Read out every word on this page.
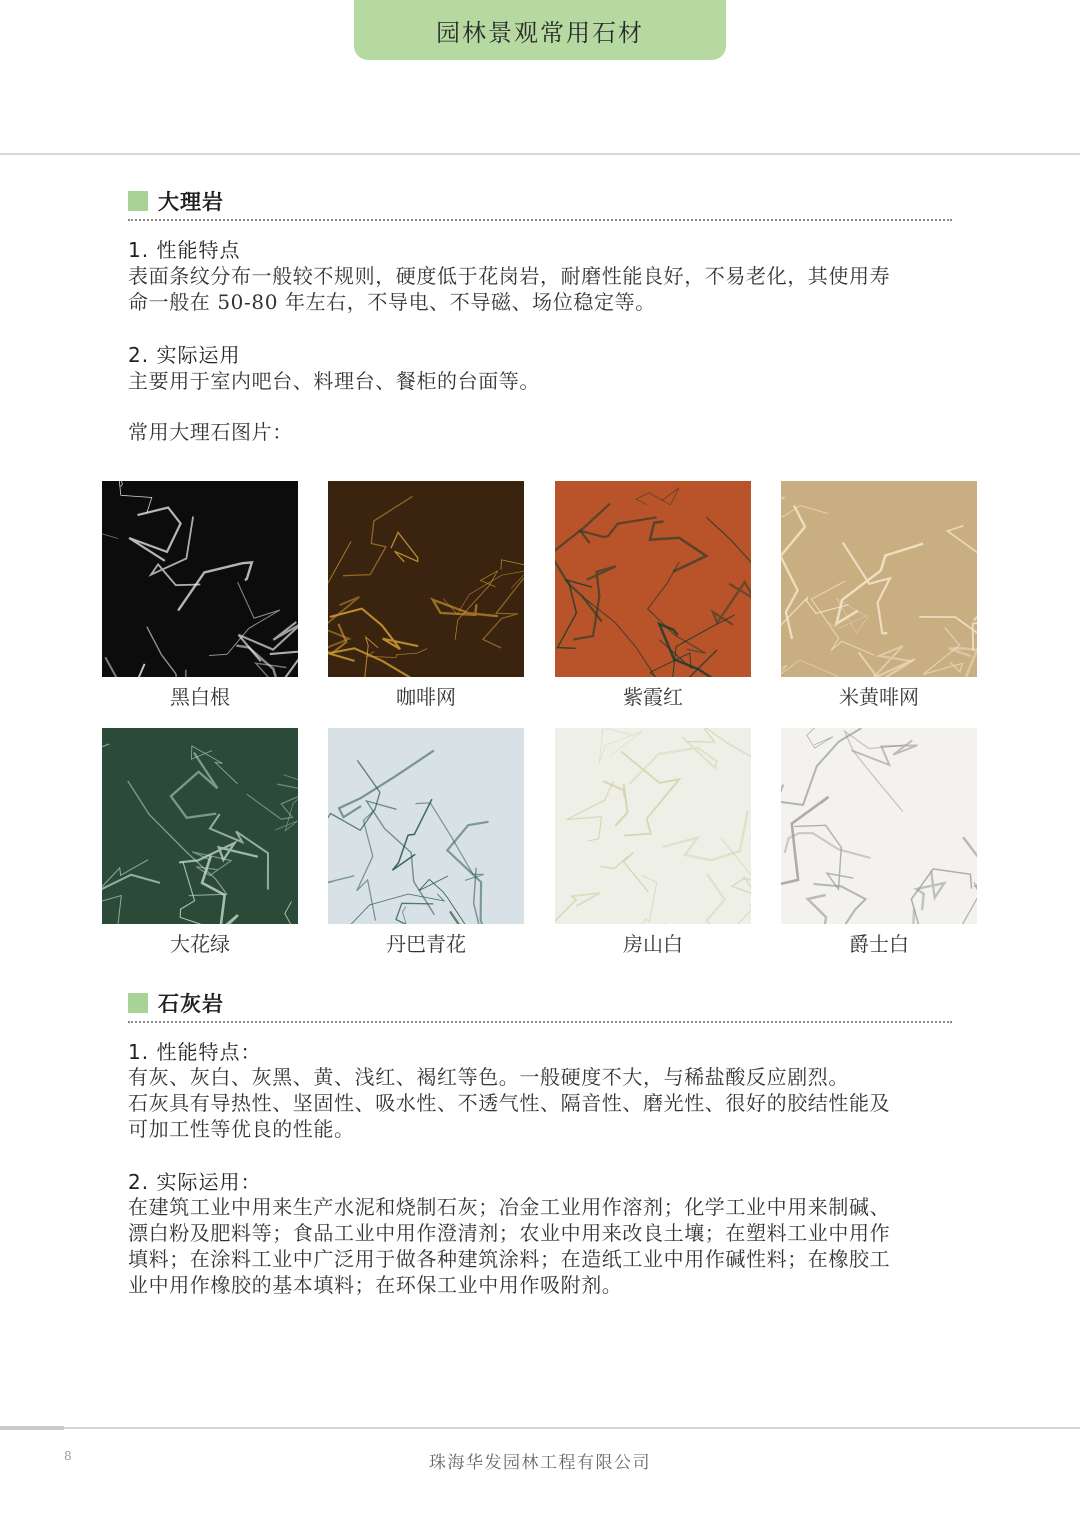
园林景观常用石材
大理岩
1. 性能特点

表面条纹分布一般较不规则，硬度低于花岗岩，耐磨性能良好，不易老化，其使用寿

命一般在 50-80 年左右，不导电、不导磁、场位稳定等。

2. 实际运用

主要用于室内吧台、料理台、餐柜的台面等。

常用大理石图片：

黑白根	咖啡网	紫霞红	米黄啡网
大花绿	丹巴青花	房山白	爵士白
石灰岩
1. 性能特点：

有灰、灰白、灰黑、黄、浅红、褐红等色。一般硬度不大，与稀盐酸反应剧烈。

石灰具有导热性、坚固性、吸水性、不透气性、隔音性、磨光性、很好的胶结性能及

可加工性等优良的性能。

2. 实际运用：

在建筑工业中用来生产水泥和烧制石灰；冶金工业用作溶剂；化学工业中用来制碱、

漂白粉及肥料等；食品工业中用作澄清剂；农业中用来改良土壤；在塑料工业中用作

填料；在涂料工业中广泛用于做各种建筑涂料；在造纸工业中用作碱性料；在橡胶工

业中用作橡胶的基本填料；在环保工业中用作吸附剂。

8	珠海华发园林工程有限公司
